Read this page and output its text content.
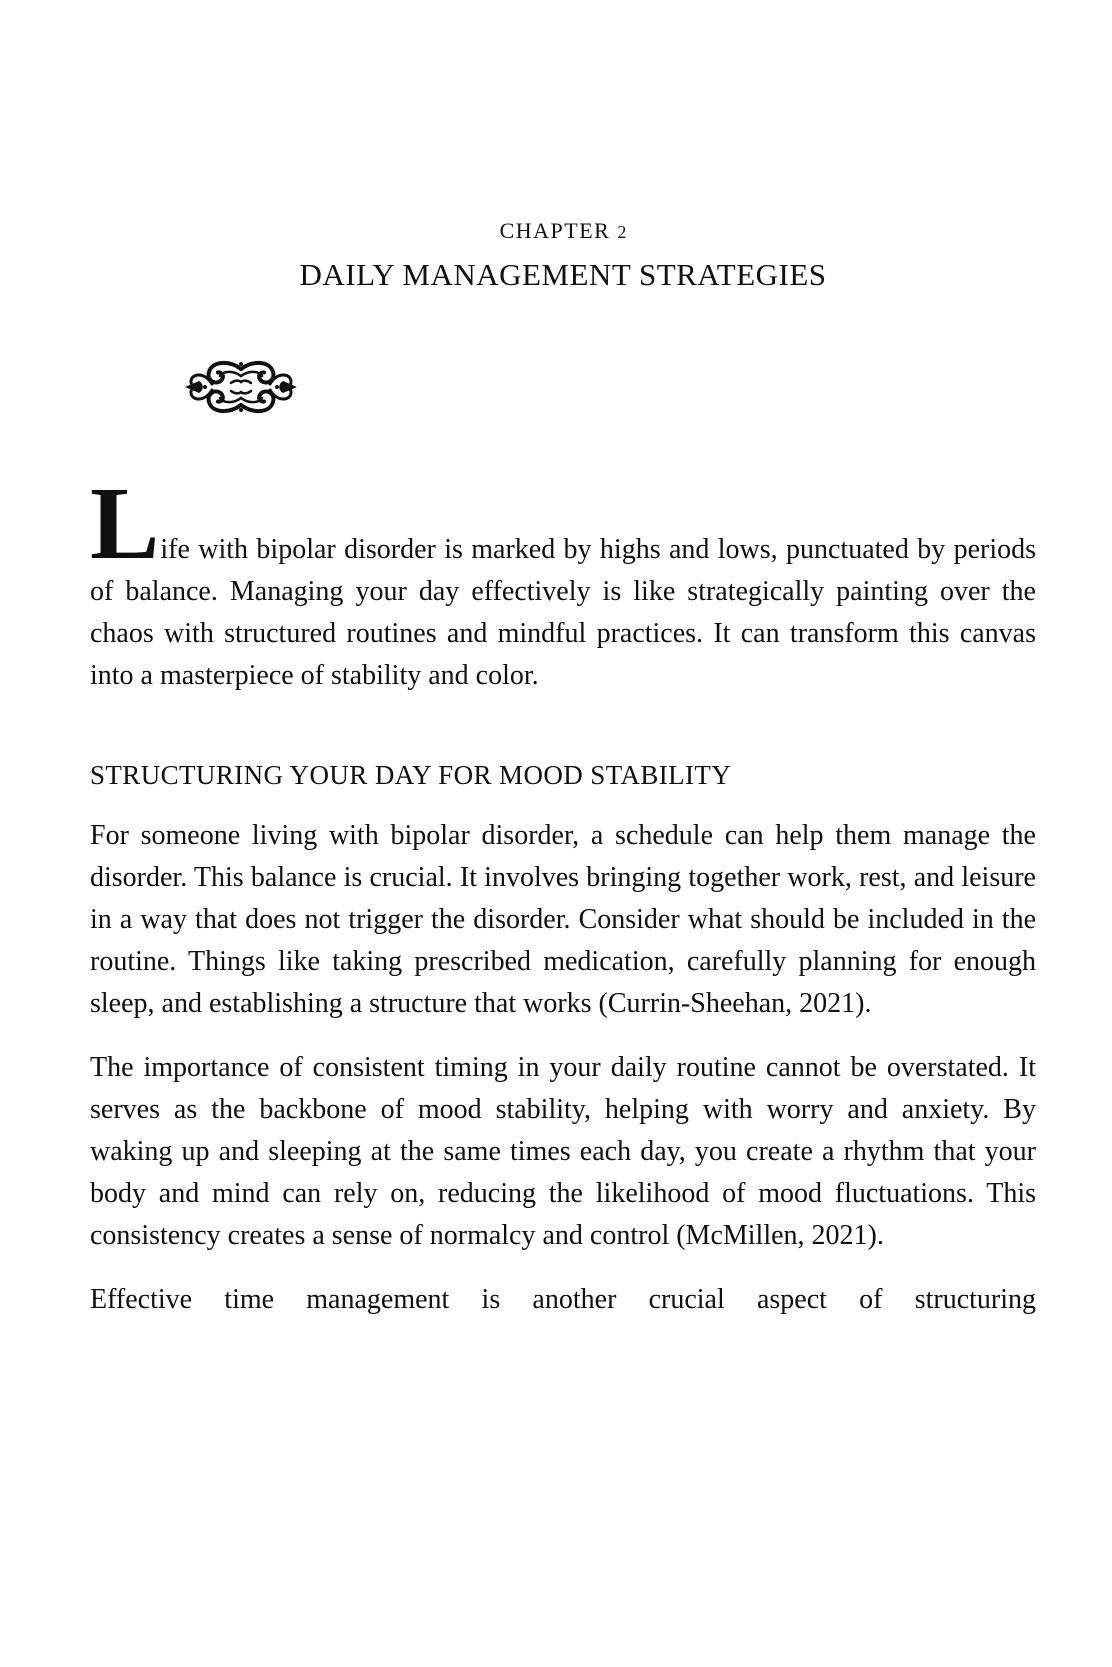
CHAPTER 2
DAILY MANAGEMENT STRATEGIES

Life with bipolar disorder is marked by highs and lows, punctuated by periods of balance. Managing your day effectively is like strategically painting over the chaos with structured routines and mindful practices. It can transform this canvas into a masterpiece of stability and color.

STRUCTURING YOUR DAY FOR MOOD STABILITY

For someone living with bipolar disorder, a schedule can help them manage the disorder. This balance is crucial. It involves bringing together work, rest, and leisure in a way that does not trigger the disorder. Consider what should be included in the routine. Things like taking prescribed medication, carefully planning for enough sleep, and establishing a structure that works (Currin-Sheehan, 2021).

The importance of consistent timing in your daily routine cannot be overstated. It serves as the backbone of mood stability, helping with worry and anxiety. By waking up and sleeping at the same times each day, you create a rhythm that your body and mind can rely on, reducing the likelihood of mood fluctuations. This consistency creates a sense of normalcy and control (McMillen, 2021).

Effective time management is another crucial aspect of structuring
